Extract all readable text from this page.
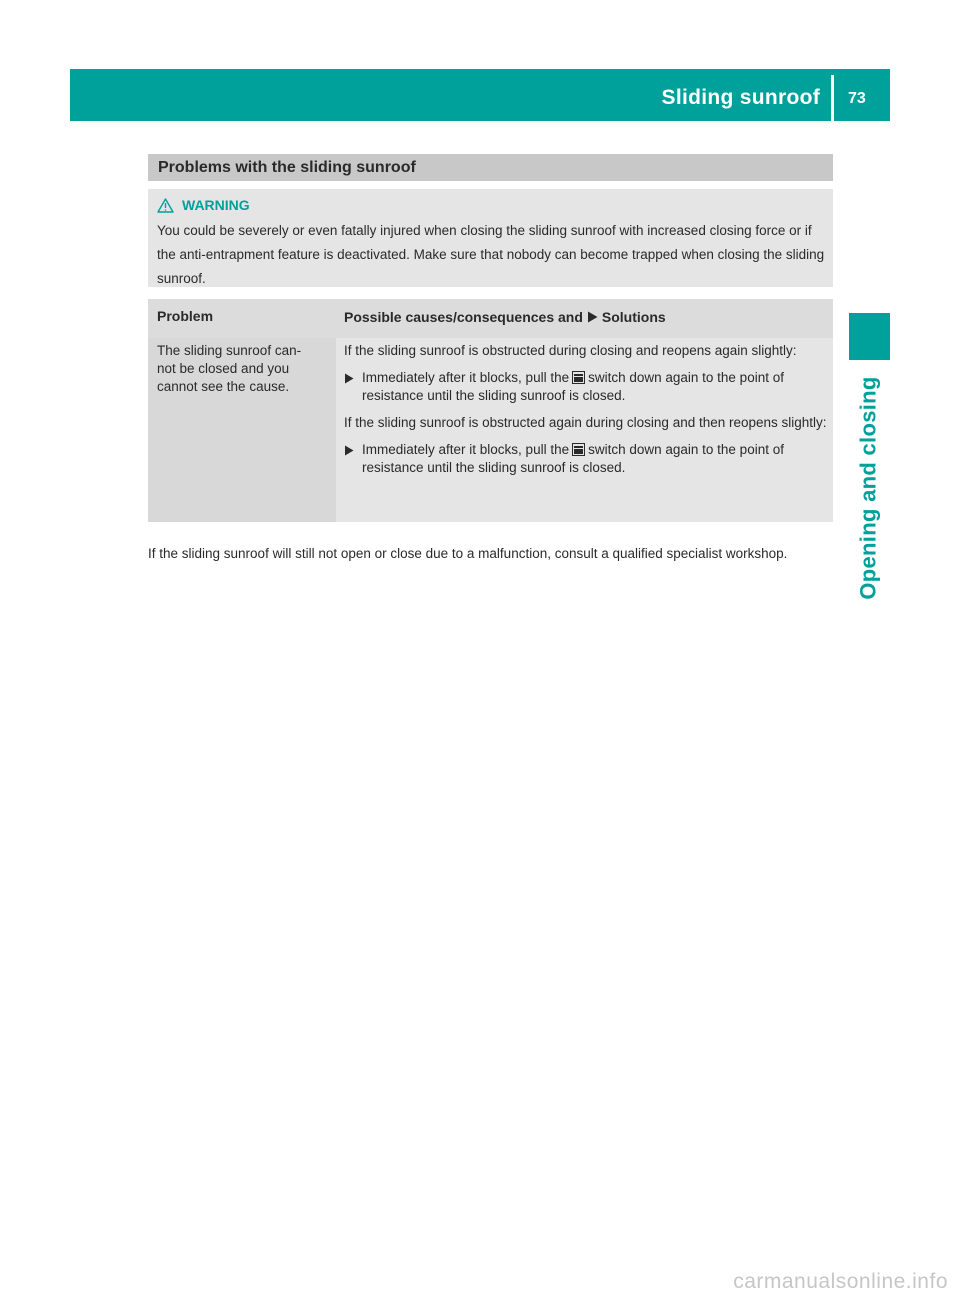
Sliding sunroof 73
Opening and closing
Problems with the sliding sunroof
WARNING
You could be severely or even fatally injured when closing the sliding sunroof with increased closing force or if the anti-entrapment feature is deactivated. Make sure that nobody can become trapped when closing the sliding sunroof.
Problem	Possible causes/consequences and Solutions
The sliding sunroof can-
not be closed and you
cannot see the cause.

If the sliding sunroof is obstructed during closing and reopens again slightly:

Immediately after it blocks, pull the switch down again to the point of resistance until the sliding sunroof is closed.

If the sliding sunroof is obstructed again during closing and then reopens slightly:

Immediately after it blocks, pull the switch down again to the point of resistance until the sliding sunroof is closed.
If the sliding sunroof will still not open or close due to a malfunction, consult a qualified specialist workshop.
carmanualsonline.info
